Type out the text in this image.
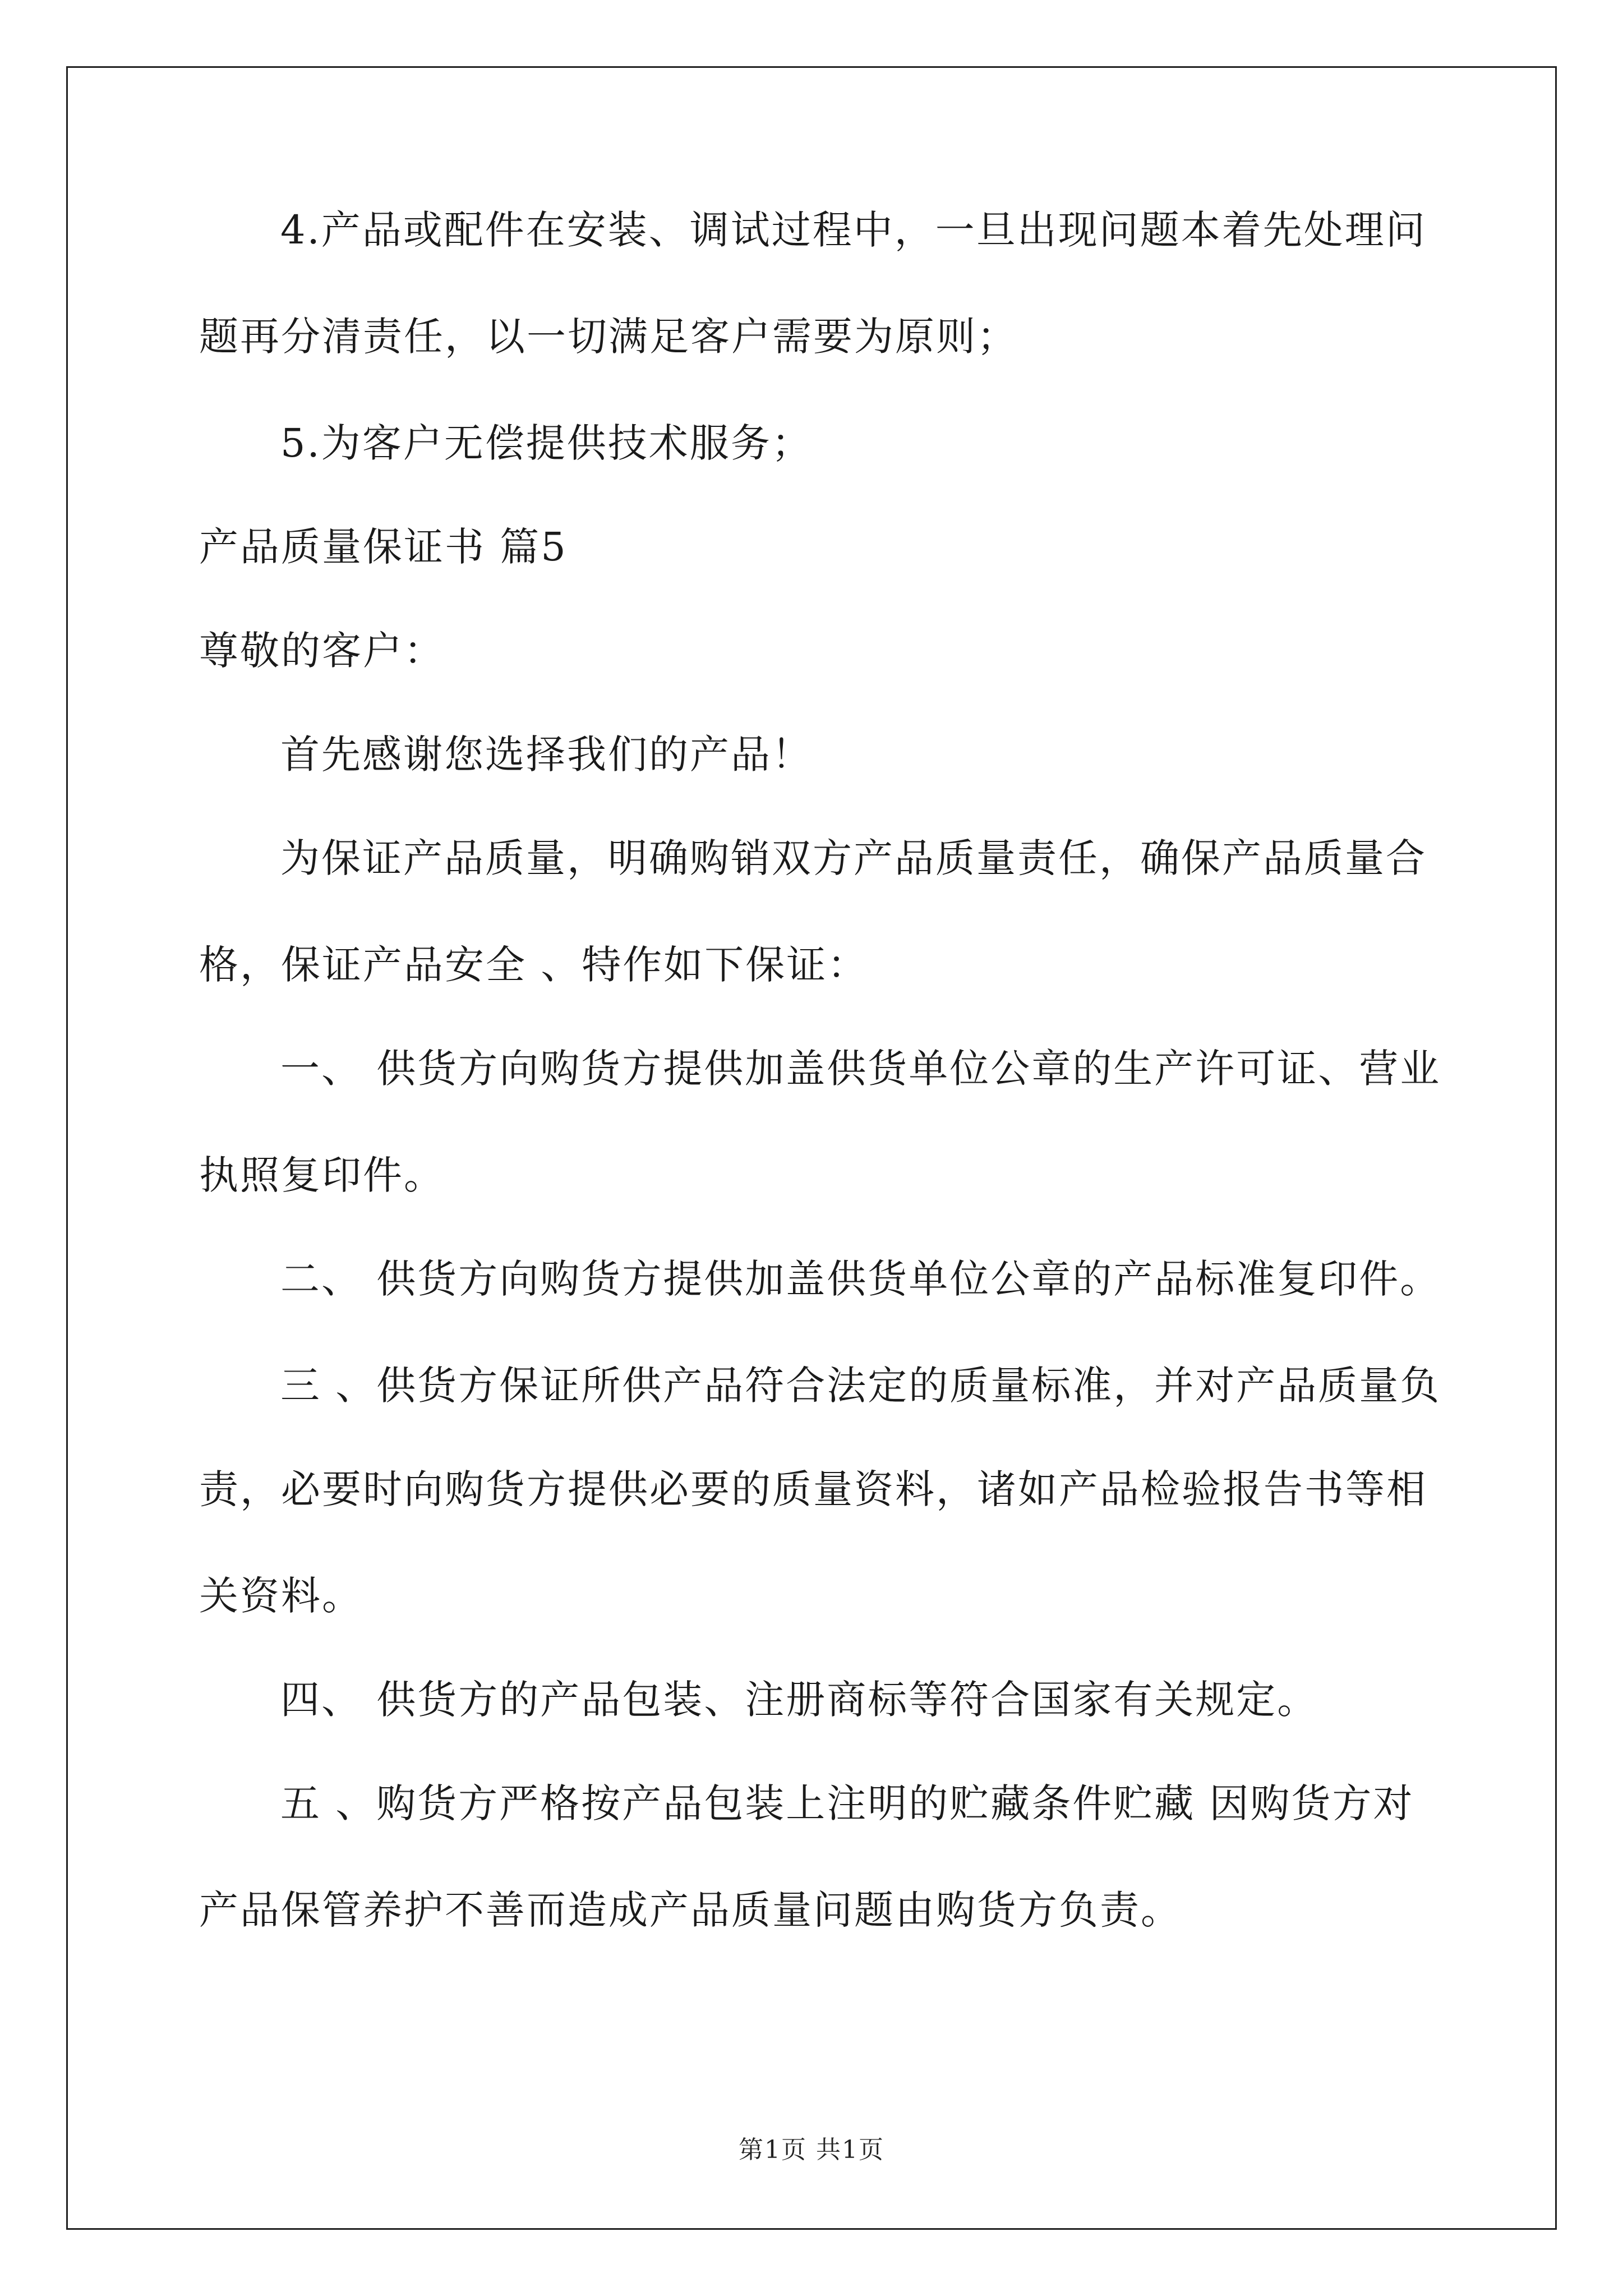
4.产品或配件在安装、调试过程中，一旦出现问题本着先处理问
题再分清责任，以一切满足客户需要为原则；
5.为客户无偿提供技术服务；
产品质量保证书 篇5
尊敬的客户：
首先感谢您选择我们的产品！
为保证产品质量，明确购销双方产品质量责任，确保产品质量合
格，保证产品安全 、特作如下保证：
一、 供货方向购货方提供加盖供货单位公章的生产许可证、营业
执照复印件。
二、 供货方向购货方提供加盖供货单位公章的产品标准复印件。
三 、供货方保证所供产品符合法定的质量标准，并对产品质量负
责，必要时向购货方提供必要的质量资料，诸如产品检验报告书等相
关资料。
四、 供货方的产品包装、注册商标等符合国家有关规定。
五 、购货方严格按产品包装上注明的贮藏条件贮藏 因购货方对
产品保管养护不善而造成产品质量问题由购货方负责。
第1页 共1页
